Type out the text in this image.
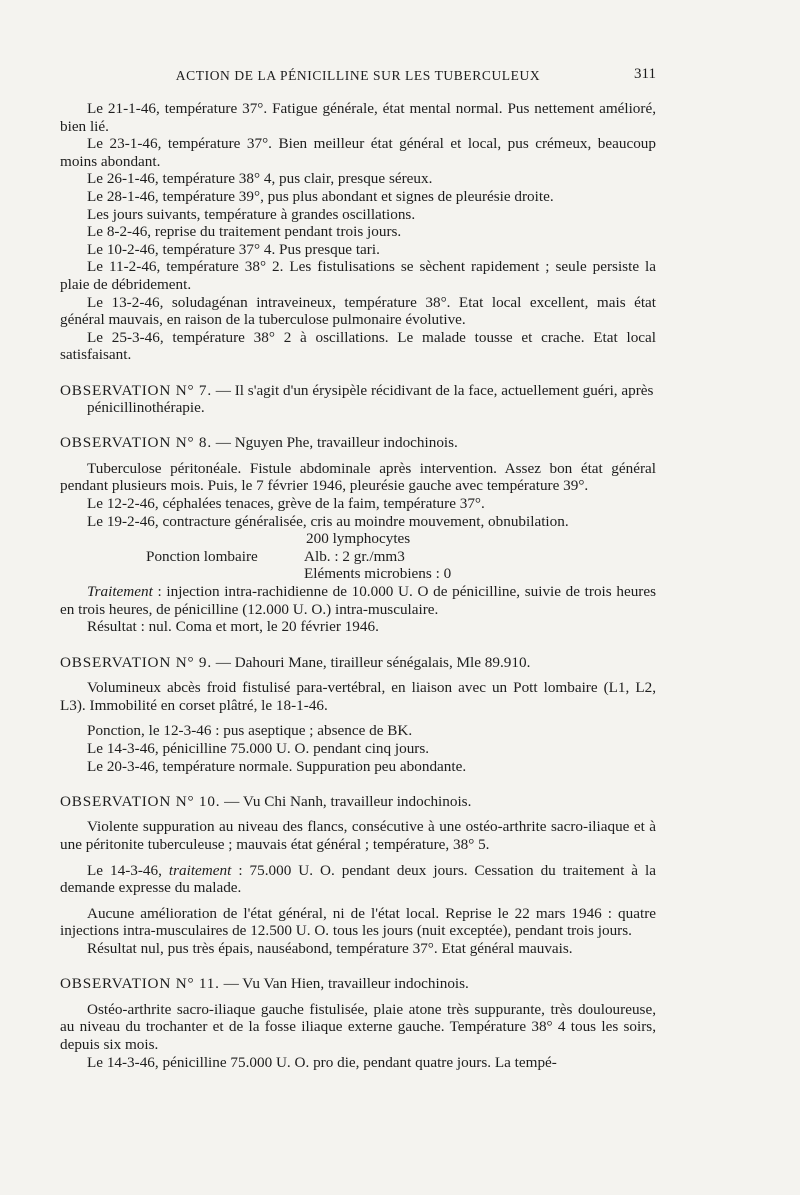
ACTION DE LA PÉNICILLINE SUR LES TUBERCULEUX	311

Le 21-1-46, température 37°. Fatigue générale, état mental normal. Pus nettement amélioré, bien lié.

Le 23-1-46, température 37°. Bien meilleur état général et local, pus crémeux, beaucoup moins abondant.

Le 26-1-46, température 38° 4, pus clair, presque séreux.

Le 28-1-46, température 39°, pus plus abondant et signes de pleurésie droite.

Les jours suivants, température à grandes oscillations.

Le 8-2-46, reprise du traitement pendant trois jours.

Le 10-2-46, température 37° 4. Pus presque tari.

Le 11-2-46, température 38° 2. Les fistulisations se sèchent rapidement ; seule persiste la plaie de débridement.

Le 13-2-46, soludagénan intraveineux, température 38°. Etat local excellent, mais état général mauvais, en raison de la tuberculose pulmonaire évolutive.

Le 25-3-46, température 38° 2 à oscillations. Le malade tousse et crache. Etat local satisfaisant.

OBSERVATION N° 7. — Il s'agit d'un érysipèle récidivant de la face, actuellement guéri, après pénicillinothérapie.

OBSERVATION N° 8. — Nguyen Phe, travailleur indochinois.

Tuberculose péritonéale. Fistule abdominale après intervention. Assez bon état général pendant plusieurs mois. Puis, le 7 février 1946, pleurésie gauche avec température 39°.

Le 12-2-46, céphalées tenaces, grève de la faim, température 37°.

Le 19-2-46, contracture généralisée, cris au moindre mouvement, obnubilation.

Ponction lombaire
200 lymphocytes
Alb. : 2 gr./mm3
Eléments microbiens : 0

Traitement : injection intra-rachidienne de 10.000 U. O de pénicilline, suivie de trois heures en trois heures, de pénicilline (12.000 U. O.) intra-musculaire.

Résultat : nul. Coma et mort, le 20 février 1946.

OBSERVATION N° 9. — Dahouri Mane, tirailleur sénégalais, Mle 89.910.

Volumineux abcès froid fistulisé para-vertébral, en liaison avec un Pott lombaire (L1, L2, L3). Immobilité en corset plâtré, le 18-1-46.

Ponction, le 12-3-46 : pus aseptique ; absence de BK.

Le 14-3-46, pénicilline 75.000 U. O. pendant cinq jours.

Le 20-3-46, température normale. Suppuration peu abondante.

OBSERVATION N° 10. — Vu Chi Nanh, travailleur indochinois.

Violente suppuration au niveau des flancs, consécutive à une ostéo-arthrite sacro-iliaque et à une péritonite tuberculeuse ; mauvais état général ; température, 38° 5.

Le 14-3-46, traitement : 75.000 U. O. pendant deux jours. Cessation du traitement à la demande expresse du malade.

Aucune amélioration de l'état général, ni de l'état local. Reprise le 22 mars 1946 : quatre injections intra-musculaires de 12.500 U. O. tous les jours (nuit exceptée), pendant trois jours.

Résultat nul, pus très épais, nauséabond, température 37°. Etat général mauvais.

OBSERVATION N° 11. — Vu Van Hien, travailleur indochinois.

Ostéo-arthrite sacro-iliaque gauche fistulisée, plaie atone très suppurante, très douloureuse, au niveau du trochanter et de la fosse iliaque externe gauche. Température 38° 4 tous les soirs, depuis six mois.

Le 14-3-46, pénicilline 75.000 U. O. pro die, pendant quatre jours. La tempé-
